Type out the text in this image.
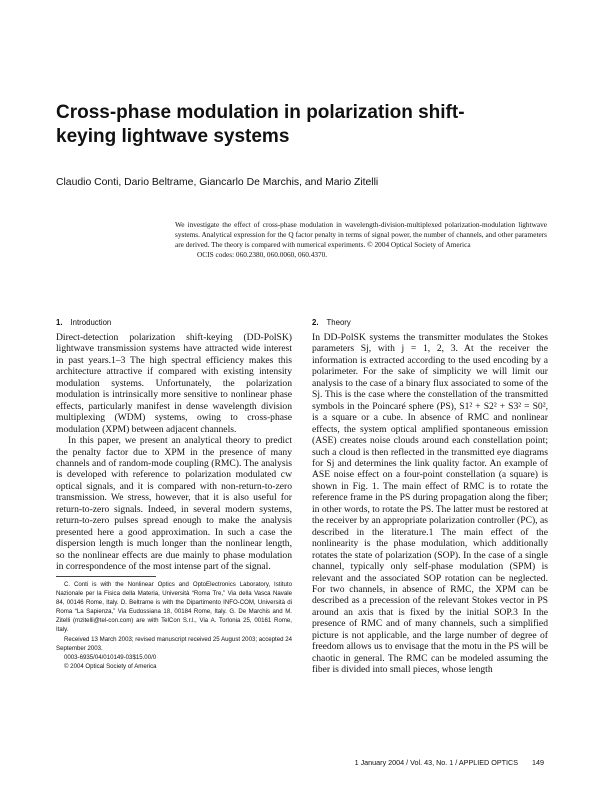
Cross-phase modulation in polarization shift-keying lightwave systems

Claudio Conti, Dario Beltrame, Giancarlo De Marchis, and Mario Zitelli

We investigate the effect of cross-phase modulation in wavelength-division-multiplexed polarization-modulation lightwave systems. Analytical expression for the Q factor penalty in terms of signal power, the number of channels, and other parameters are derived. The theory is compared with numerical experiments. © 2004 Optical Society of America
OCIS codes: 060.2380, 060.0060, 060.4370.
1. Introduction

Direct-detection polarization shift-keying (DD-PolSK) lightwave transmission systems have attracted wide interest in past years.1–3 The high spectral efficiency makes this architecture attractive if compared with existing intensity modulation systems. Unfortunately, the polarization modulation is intrinsically more sensitive to nonlinear phase effects, particularly manifest in dense wavelength division multiplexing (WDM) systems, owing to cross-phase modulation (XPM) between adjacent channels.

In this paper, we present an analytical theory to predict the penalty factor due to XPM in the presence of many channels and of random-mode coupling (RMC). The analysis is developed with reference to polarization modulated cw optical signals, and it is compared with non-return-to-zero transmission. We stress, however, that it is also useful for return-to-zero signals. Indeed, in several modern systems, return-to-zero pulses spread enough to make the analysis presented here a good approximation. In such a case the dispersion length is much longer than the nonlinear length, so the nonlinear effects are due mainly to phase modulation in correspondence of the most intense part of the signal.

C. Conti is with the Nonlinear Optics and OptoElectronics Laboratory, Istituto Nazionale per la Fisica della Materia, Università “Roma Tre,” Via della Vasca Navale 84, 00146 Rome, Italy. D. Beltrame is with the Dipartimento INFO-COM, Università di Roma “La Sapienza,” Via Eudossiana 18, 00184 Rome, Italy. G. De Marchis and M. Zitelli (mzitelli@tel-con.com) are with TelCon S.r.l., Via A. Torlonia 25, 00161 Rome, Italy.

Received 13 March 2003; revised manuscript received 25 August 2003; accepted 24 September 2003.

0003-6935/04/010149-03$15.00/0

© 2004 Optical Society of America

2. Theory

In DD-PolSK systems the transmitter modulates the Stokes parameters Sj, with j = 1, 2, 3. At the receiver the information is extracted according to the used encoding by a polarimeter. For the sake of simplicity we will limit our analysis to the case of a binary flux associated to some of the Sj. This is the case where the constellation of the transmitted symbols in the Poincaré sphere (PS), S1² + S2² + S3² = S0², is a square or a cube. In absence of RMC and nonlinear effects, the system optical amplified spontaneous emission (ASE) creates noise clouds around each constellation point; such a cloud is then reflected in the transmitted eye diagrams for Sj and determines the link quality factor. An example of ASE noise effect on a four-point constellation (a square) is shown in Fig. 1. The main effect of RMC is to rotate the reference frame in the PS during propagation along the fiber; in other words, to rotate the PS. The latter must be restored at the receiver by an appropriate polarization controller (PC), as described in the literature.1 The main effect of the nonlinearity is the phase modulation, which additionally rotates the state of polarization (SOP). In the case of a single channel, typically only self-phase modulation (SPM) is relevant and the associated SOP rotation can be neglected. For two channels, in absence of RMC, the XPM can be described as a precession of the relevant Stokes vector in PS around an axis that is fixed by the initial SOP.3 In the presence of RMC and of many channels, such a simplified picture is not applicable, and the large number of degree of freedom allows us to envisage that the motu in the PS will be chaotic in general. The RMC can be modeled assuming the fiber is divided into small pieces, whose length

1 January 2004 / Vol. 43, No. 1 / APPLIED OPTICS 149
